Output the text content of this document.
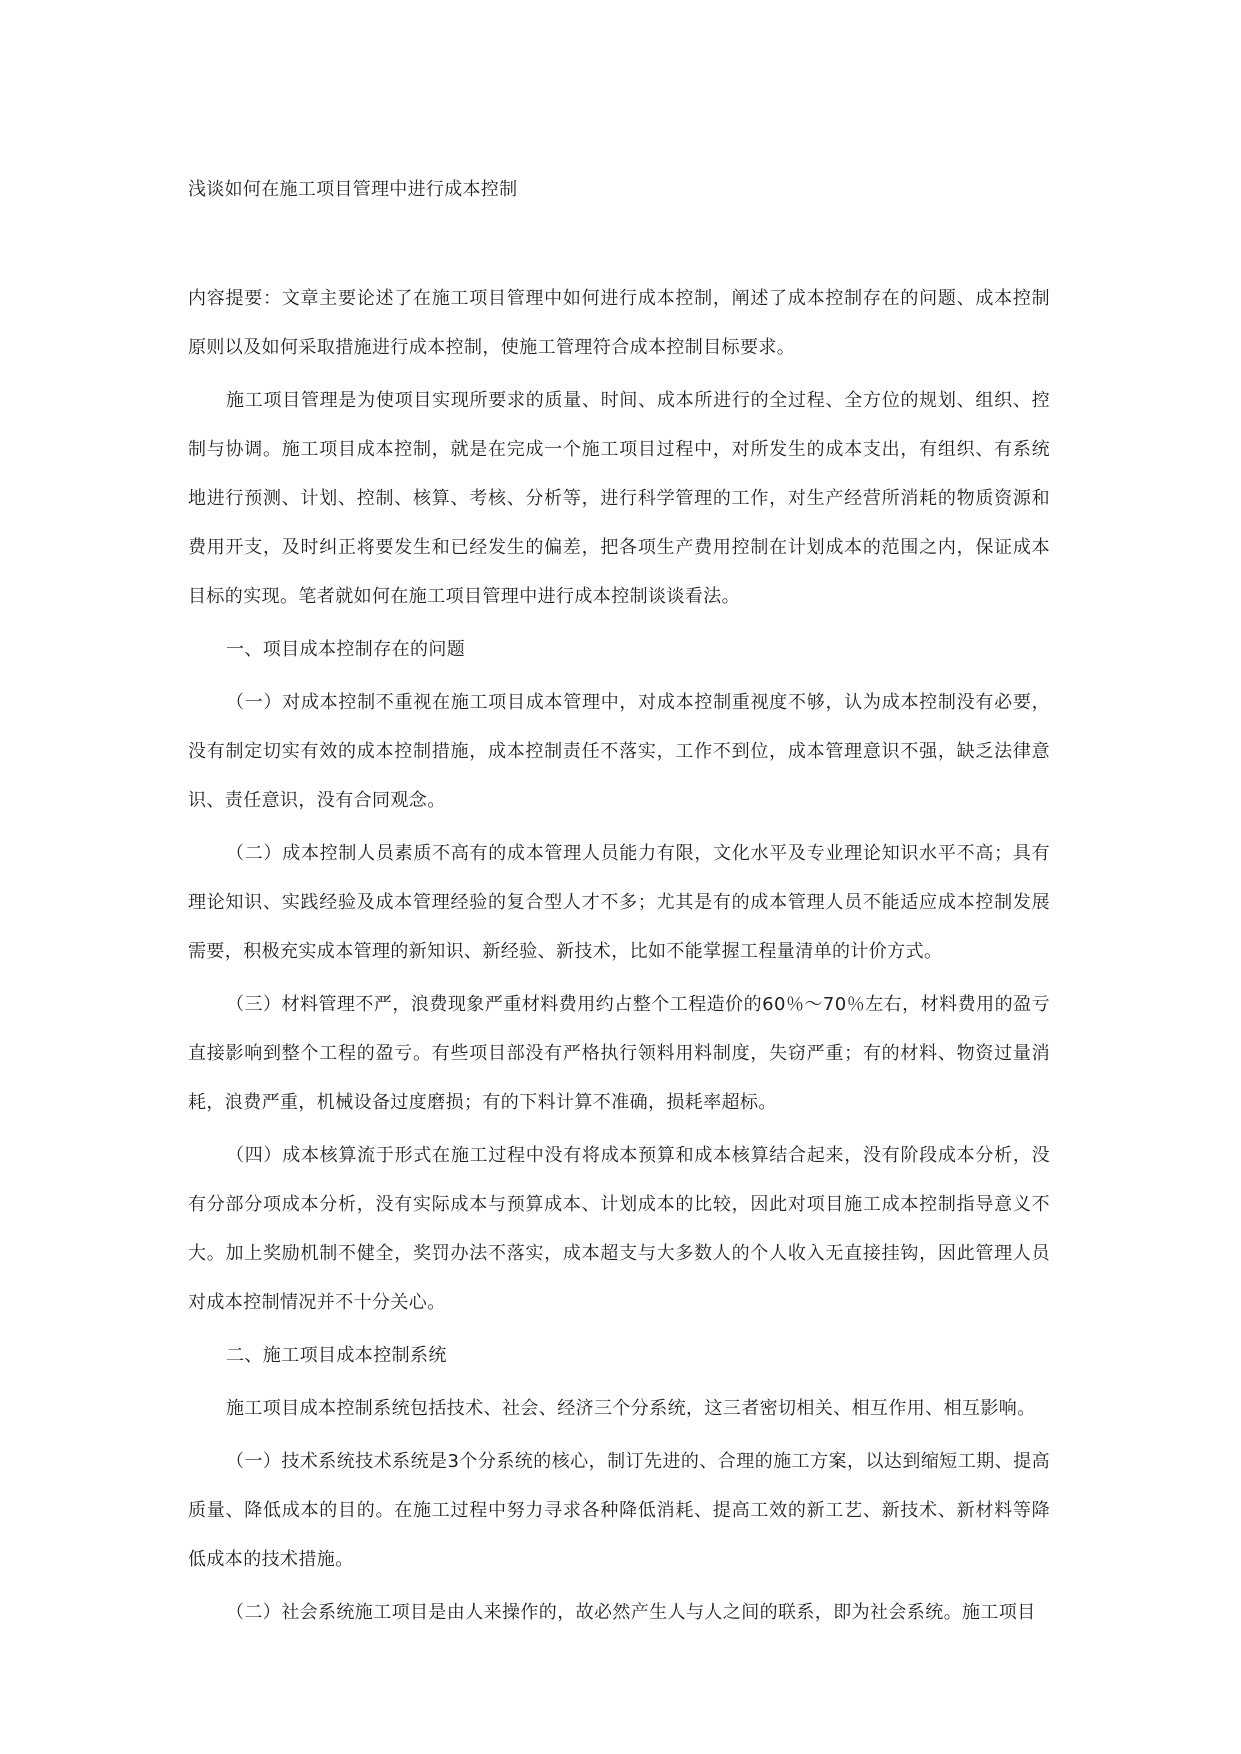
浅谈如何在施工项目管理中进行成本控制

内容提要：文章主要论述了在施工项目管理中如何进行成本控制，阐述了成本控制存在的问题、成本控制原则以及如何采取措施进行成本控制，使施工管理符合成本控制目标要求。

施工项目管理是为使项目实现所要求的质量、时间、成本所进行的全过程、全方位的规划、组织、控制与协调。施工项目成本控制，就是在完成一个施工项目过程中，对所发生的成本支出，有组织、有系统地进行预测、计划、控制、核算、考核、分析等，进行科学管理的工作，对生产经营所消耗的物质资源和费用开支，及时纠正将要发生和已经发生的偏差，把各项生产费用控制在计划成本的范围之内，保证成本目标的实现。笔者就如何在施工项目管理中进行成本控制谈谈看法。

一、项目成本控制存在的问题

（一）对成本控制不重视在施工项目成本管理中，对成本控制重视度不够，认为成本控制没有必要，没有制定切实有效的成本控制措施，成本控制责任不落实，工作不到位，成本管理意识不强，缺乏法律意识、责任意识，没有合同观念。

（二）成本控制人员素质不高有的成本管理人员能力有限，文化水平及专业理论知识水平不高；具有理论知识、实践经验及成本管理经验的复合型人才不多；尤其是有的成本管理人员不能适应成本控制发展需要，积极充实成本管理的新知识、新经验、新技术，比如不能掌握工程量清单的计价方式。

（三）材料管理不严，浪费现象严重材料费用约占整个工程造价的60％～70％左右，材料费用的盈亏直接影响到整个工程的盈亏。有些项目部没有严格执行领料用料制度，失窃严重；有的材料、物资过量消耗，浪费严重，机械设备过度磨损；有的下料计算不准确，损耗率超标。

（四）成本核算流于形式在施工过程中没有将成本预算和成本核算结合起来，没有阶段成本分析，没有分部分项成本分析，没有实际成本与预算成本、计划成本的比较，因此对项目施工成本控制指导意义不大。加上奖励机制不健全，奖罚办法不落实，成本超支与大多数人的个人收入无直接挂钩，因此管理人员对成本控制情况并不十分关心。

二、施工项目成本控制系统

施工项目成本控制系统包括技术、社会、经济三个分系统，这三者密切相关、相互作用、相互影响。

（一）技术系统技术系统是3个分系统的核心，制订先进的、合理的施工方案，以达到缩短工期、提高质量、降低成本的目的。在施工过程中努力寻求各种降低消耗、提高工效的新工艺、新技术、新材料等降低成本的技术措施。

（二）社会系统施工项目是由人来操作的，故必然产生人与人之间的联系，即为社会系统。施工项目
